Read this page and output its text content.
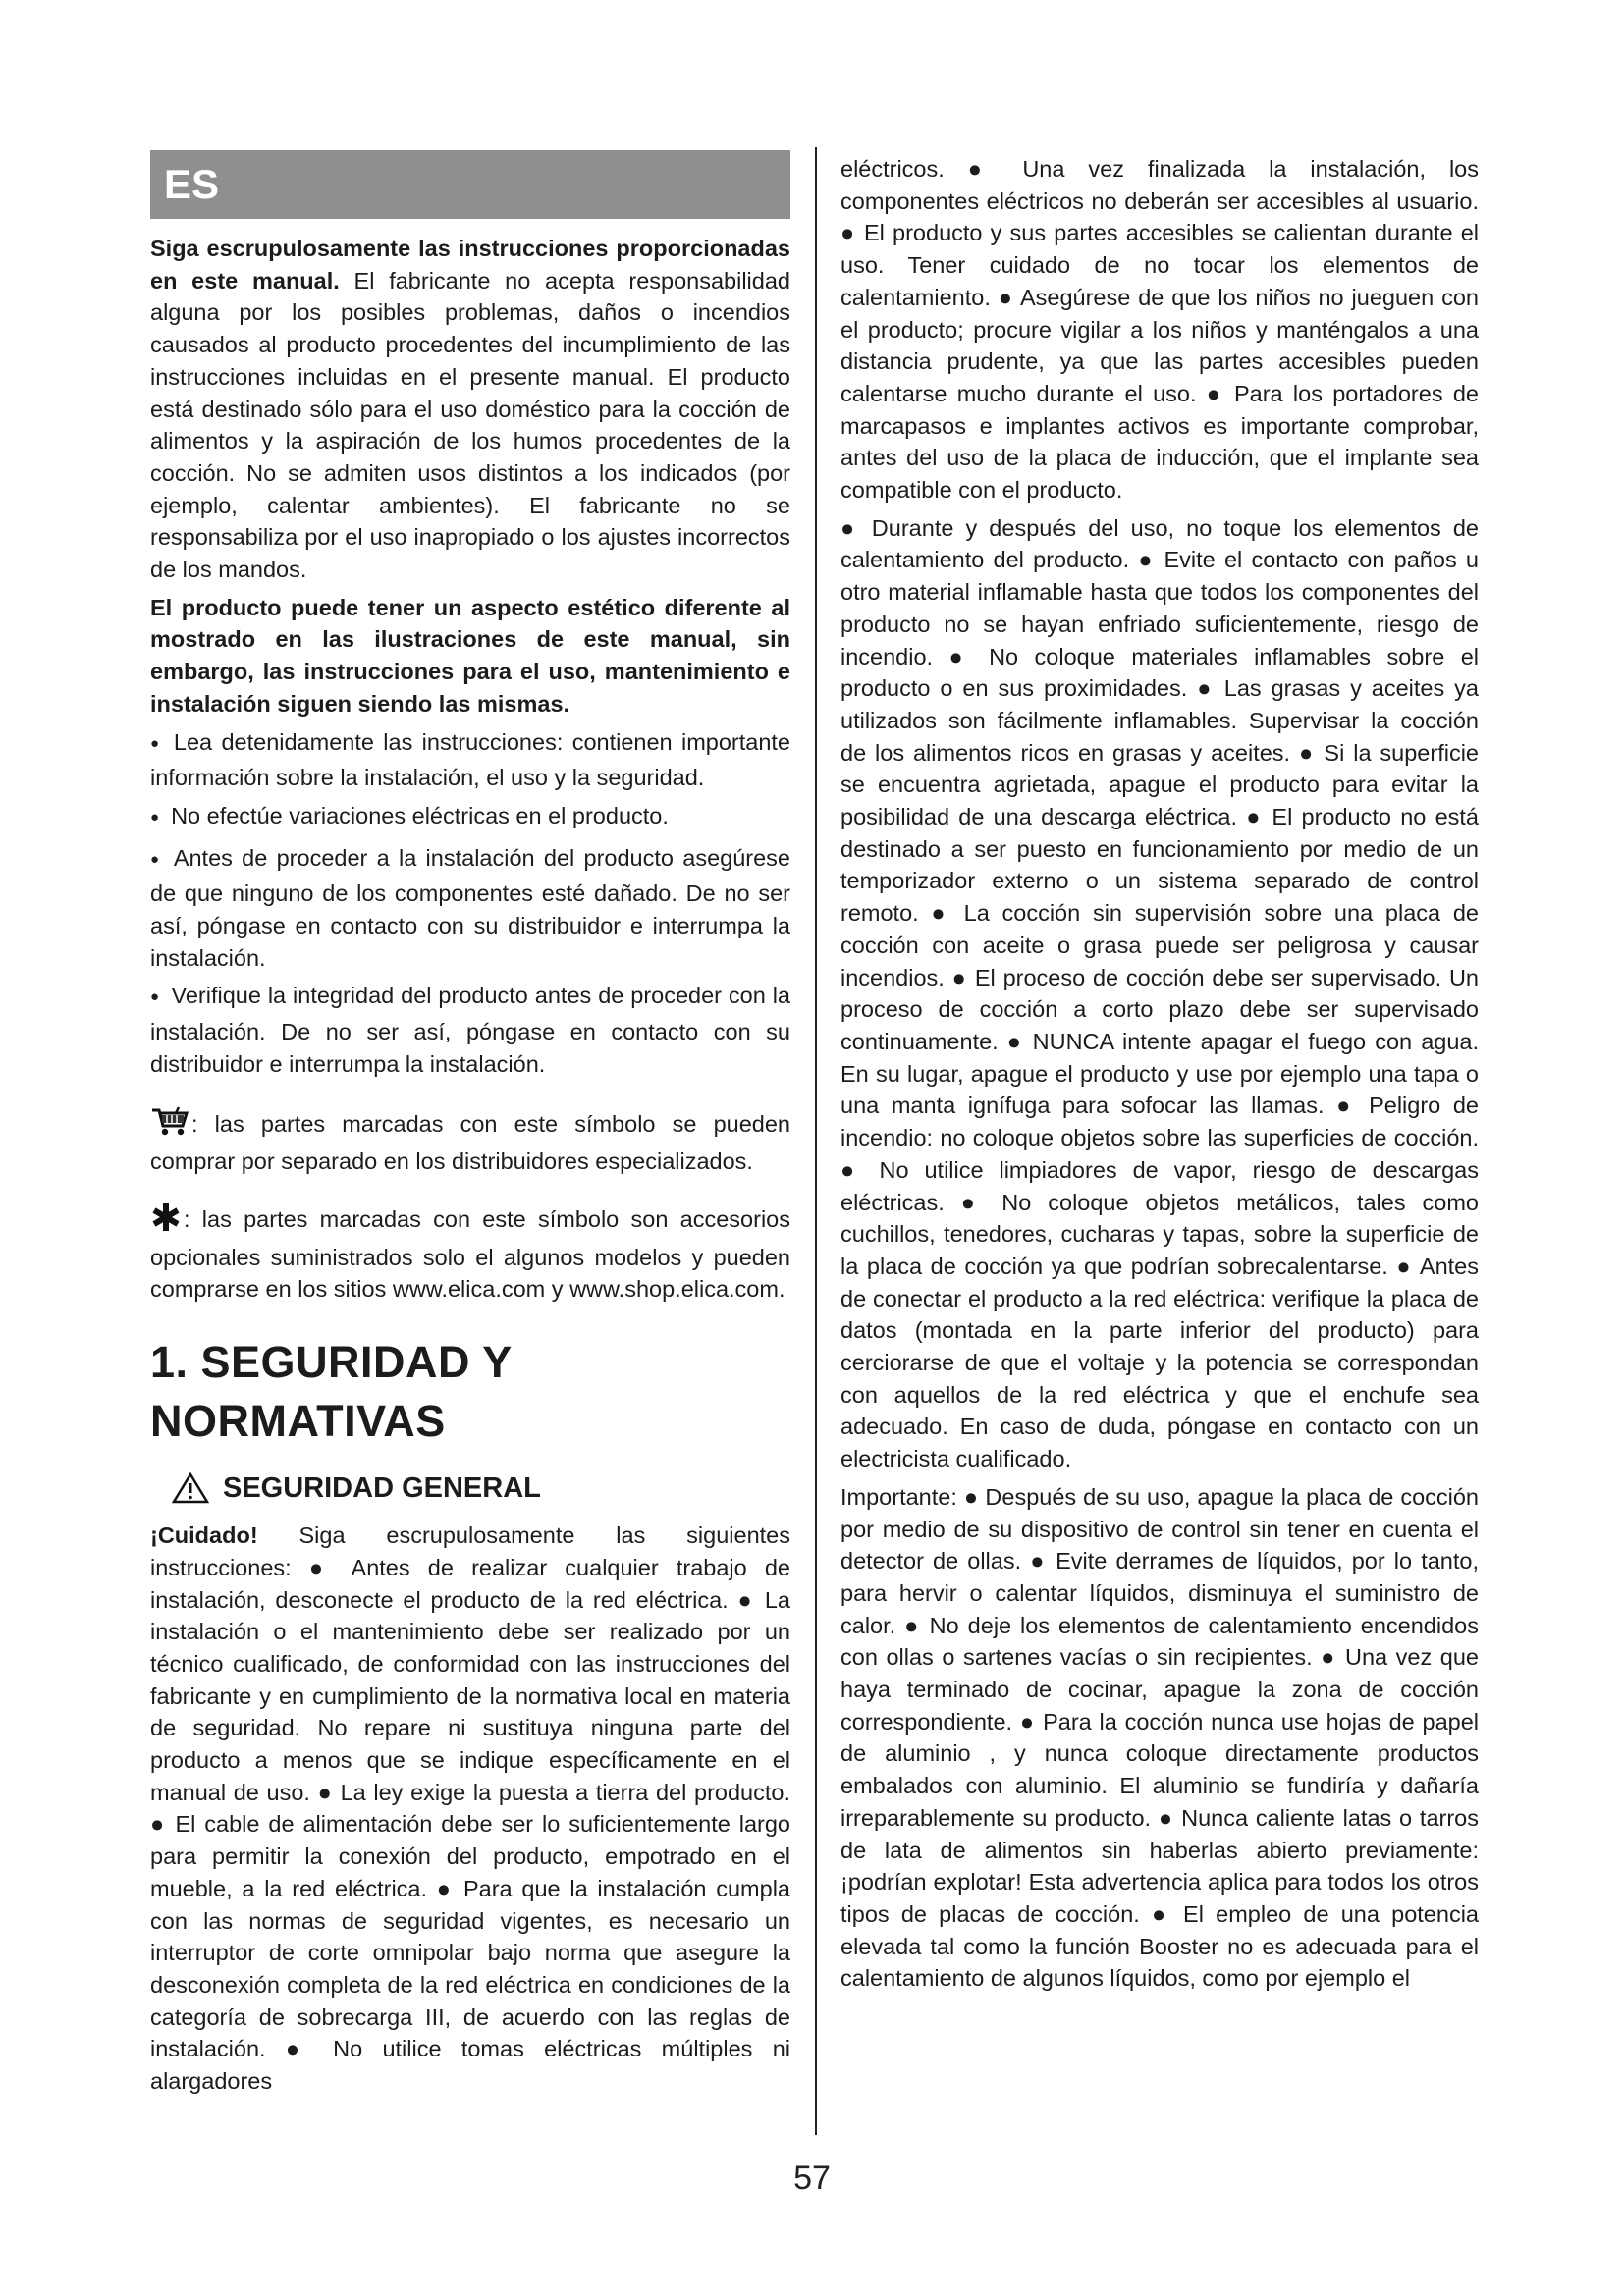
ES

Siga escrupulosamente las instrucciones proporcionadas en este manual. El fabricante no acepta responsabilidad alguna por los posibles problemas, daños o incendios causados al producto procedentes del incumplimiento de las instrucciones incluidas en el presente manual. El producto está destinado sólo para el uso doméstico para la cocción de alimentos y la aspiración de los humos procedentes de la cocción. No se admiten usos distintos a los indicados (por ejemplo, calentar ambientes). El fabricante no se responsabiliza por el uso inapropiado o los ajustes incorrectos de los mandos.

El producto puede tener un aspecto estético diferente al mostrado en las ilustraciones de este manual, sin embargo, las instrucciones para el uso, mantenimiento e instalación siguen siendo las mismas.

● Lea detenidamente las instrucciones: contienen importante información sobre la instalación, el uso y la seguridad.

● No efectúe variaciones eléctricas en el producto.

● Antes de proceder a la instalación del producto asegúrese de que ninguno de los componentes esté dañado. De no ser así, póngase en contacto con su distribuidor e interrumpa la instalación.

● Verifique la integridad del producto antes de proceder con la instalación. De no ser así, póngase en contacto con su distribuidor e interrumpa la instalación.

: las partes marcadas con este símbolo se pueden comprar por separado en los distribuidores especializados.

: las partes marcadas con este símbolo son accesorios opcionales suministrados solo el algunos modelos y pueden comprarse en los sitios www.elica.com y www.shop.elica.com.

1. SEGURIDAD Y NORMATIVAS
SEGURIDAD GENERAL

¡Cuidado! Siga escrupulosamente las siguientes instrucciones: ● Antes de realizar cualquier trabajo de instalación, desconecte el producto de la red eléctrica. ● La instalación o el mantenimiento debe ser realizado por un técnico cualificado, de conformidad con las instrucciones del fabricante y en cumplimiento de la normativa local en materia de seguridad. No repare ni sustituya ninguna parte del producto a menos que se indique específicamente en el manual de uso. ● La ley exige la puesta a tierra del producto. ● El cable de alimentación debe ser lo suficientemente largo para permitir la conexión del producto, empotrado en el mueble, a la red eléctrica. ● Para que la instalación cumpla con las normas de seguridad vigentes, es necesario un interruptor de corte omnipolar bajo norma que asegure la desconexión completa de la red eléctrica en condiciones de la categoría de sobrecarga III, de acuerdo con las reglas de instalación. ● No utilice tomas eléctricas múltiples ni alargadores

eléctricos. ● Una vez finalizada la instalación, los componentes eléctricos no deberán ser accesibles al usuario. ● El producto y sus partes accesibles se calientan durante el uso. Tener cuidado de no tocar los elementos de calentamiento. ● Asegúrese de que los niños no jueguen con el producto; procure vigilar a los niños y manténgalos a una distancia prudente, ya que las partes accesibles pueden calentarse mucho durante el uso. ● Para los portadores de marcapasos e implantes activos es importante comprobar, antes del uso de la placa de inducción, que el implante sea compatible con el producto.

● Durante y después del uso, no toque los elementos de calentamiento del producto. ● Evite el contacto con paños u otro material inflamable hasta que todos los componentes del producto no se hayan enfriado suficientemente, riesgo de incendio. ● No coloque materiales inflamables sobre el producto o en sus proximidades. ● Las grasas y aceites ya utilizados son fácilmente inflamables. Supervisar la cocción de los alimentos ricos en grasas y aceites. ● Si la superficie se encuentra agrietada, apague el producto para evitar la posibilidad de una descarga eléctrica. ● El producto no está destinado a ser puesto en funcionamiento por medio de un temporizador externo o un sistema separado de control remoto. ● La cocción sin supervisión sobre una placa de cocción con aceite o grasa puede ser peligrosa y causar incendios. ● El proceso de cocción debe ser supervisado. Un proceso de cocción a corto plazo debe ser supervisado continuamente. ● NUNCA intente apagar el fuego con agua. En su lugar, apague el producto y use por ejemplo una tapa o una manta ignífuga para sofocar las llamas. ● Peligro de incendio: no coloque objetos sobre las superficies de cocción. ● No utilice limpiadores de vapor, riesgo de descargas eléctricas. ● No coloque objetos metálicos, tales como cuchillos, tenedores, cucharas y tapas, sobre la superficie de la placa de cocción ya que podrían sobrecalentarse. ● Antes de conectar el producto a la red eléctrica: verifique la placa de datos (montada en la parte inferior del producto) para cerciorarse de que el voltaje y la potencia se correspondan con aquellos de la red eléctrica y que el enchufe sea adecuado. En caso de duda, póngase en contacto con un electricista cualificado.

Importante: ● Después de su uso, apague la placa de cocción por medio de su dispositivo de control sin tener en cuenta el detector de ollas. ● Evite derrames de líquidos, por lo tanto, para hervir o calentar líquidos, disminuya el suministro de calor. ● No deje los elementos de calentamiento encendidos con ollas o sartenes vacías o sin recipientes. ● Una vez que haya terminado de cocinar, apague la zona de cocción correspondiente. ● Para la cocción nunca use hojas de papel de aluminio , y nunca coloque directamente productos embalados con aluminio. El aluminio se fundiría y dañaría irreparablemente su producto. ● Nunca caliente latas o tarros de lata de alimentos sin haberlas abierto previamente: ¡podrían explotar! Esta advertencia aplica para todos los otros tipos de placas de cocción. ● El empleo de una potencia elevada tal como la función Booster no es adecuada para el calentamiento de algunos líquidos, como por ejemplo el

57
